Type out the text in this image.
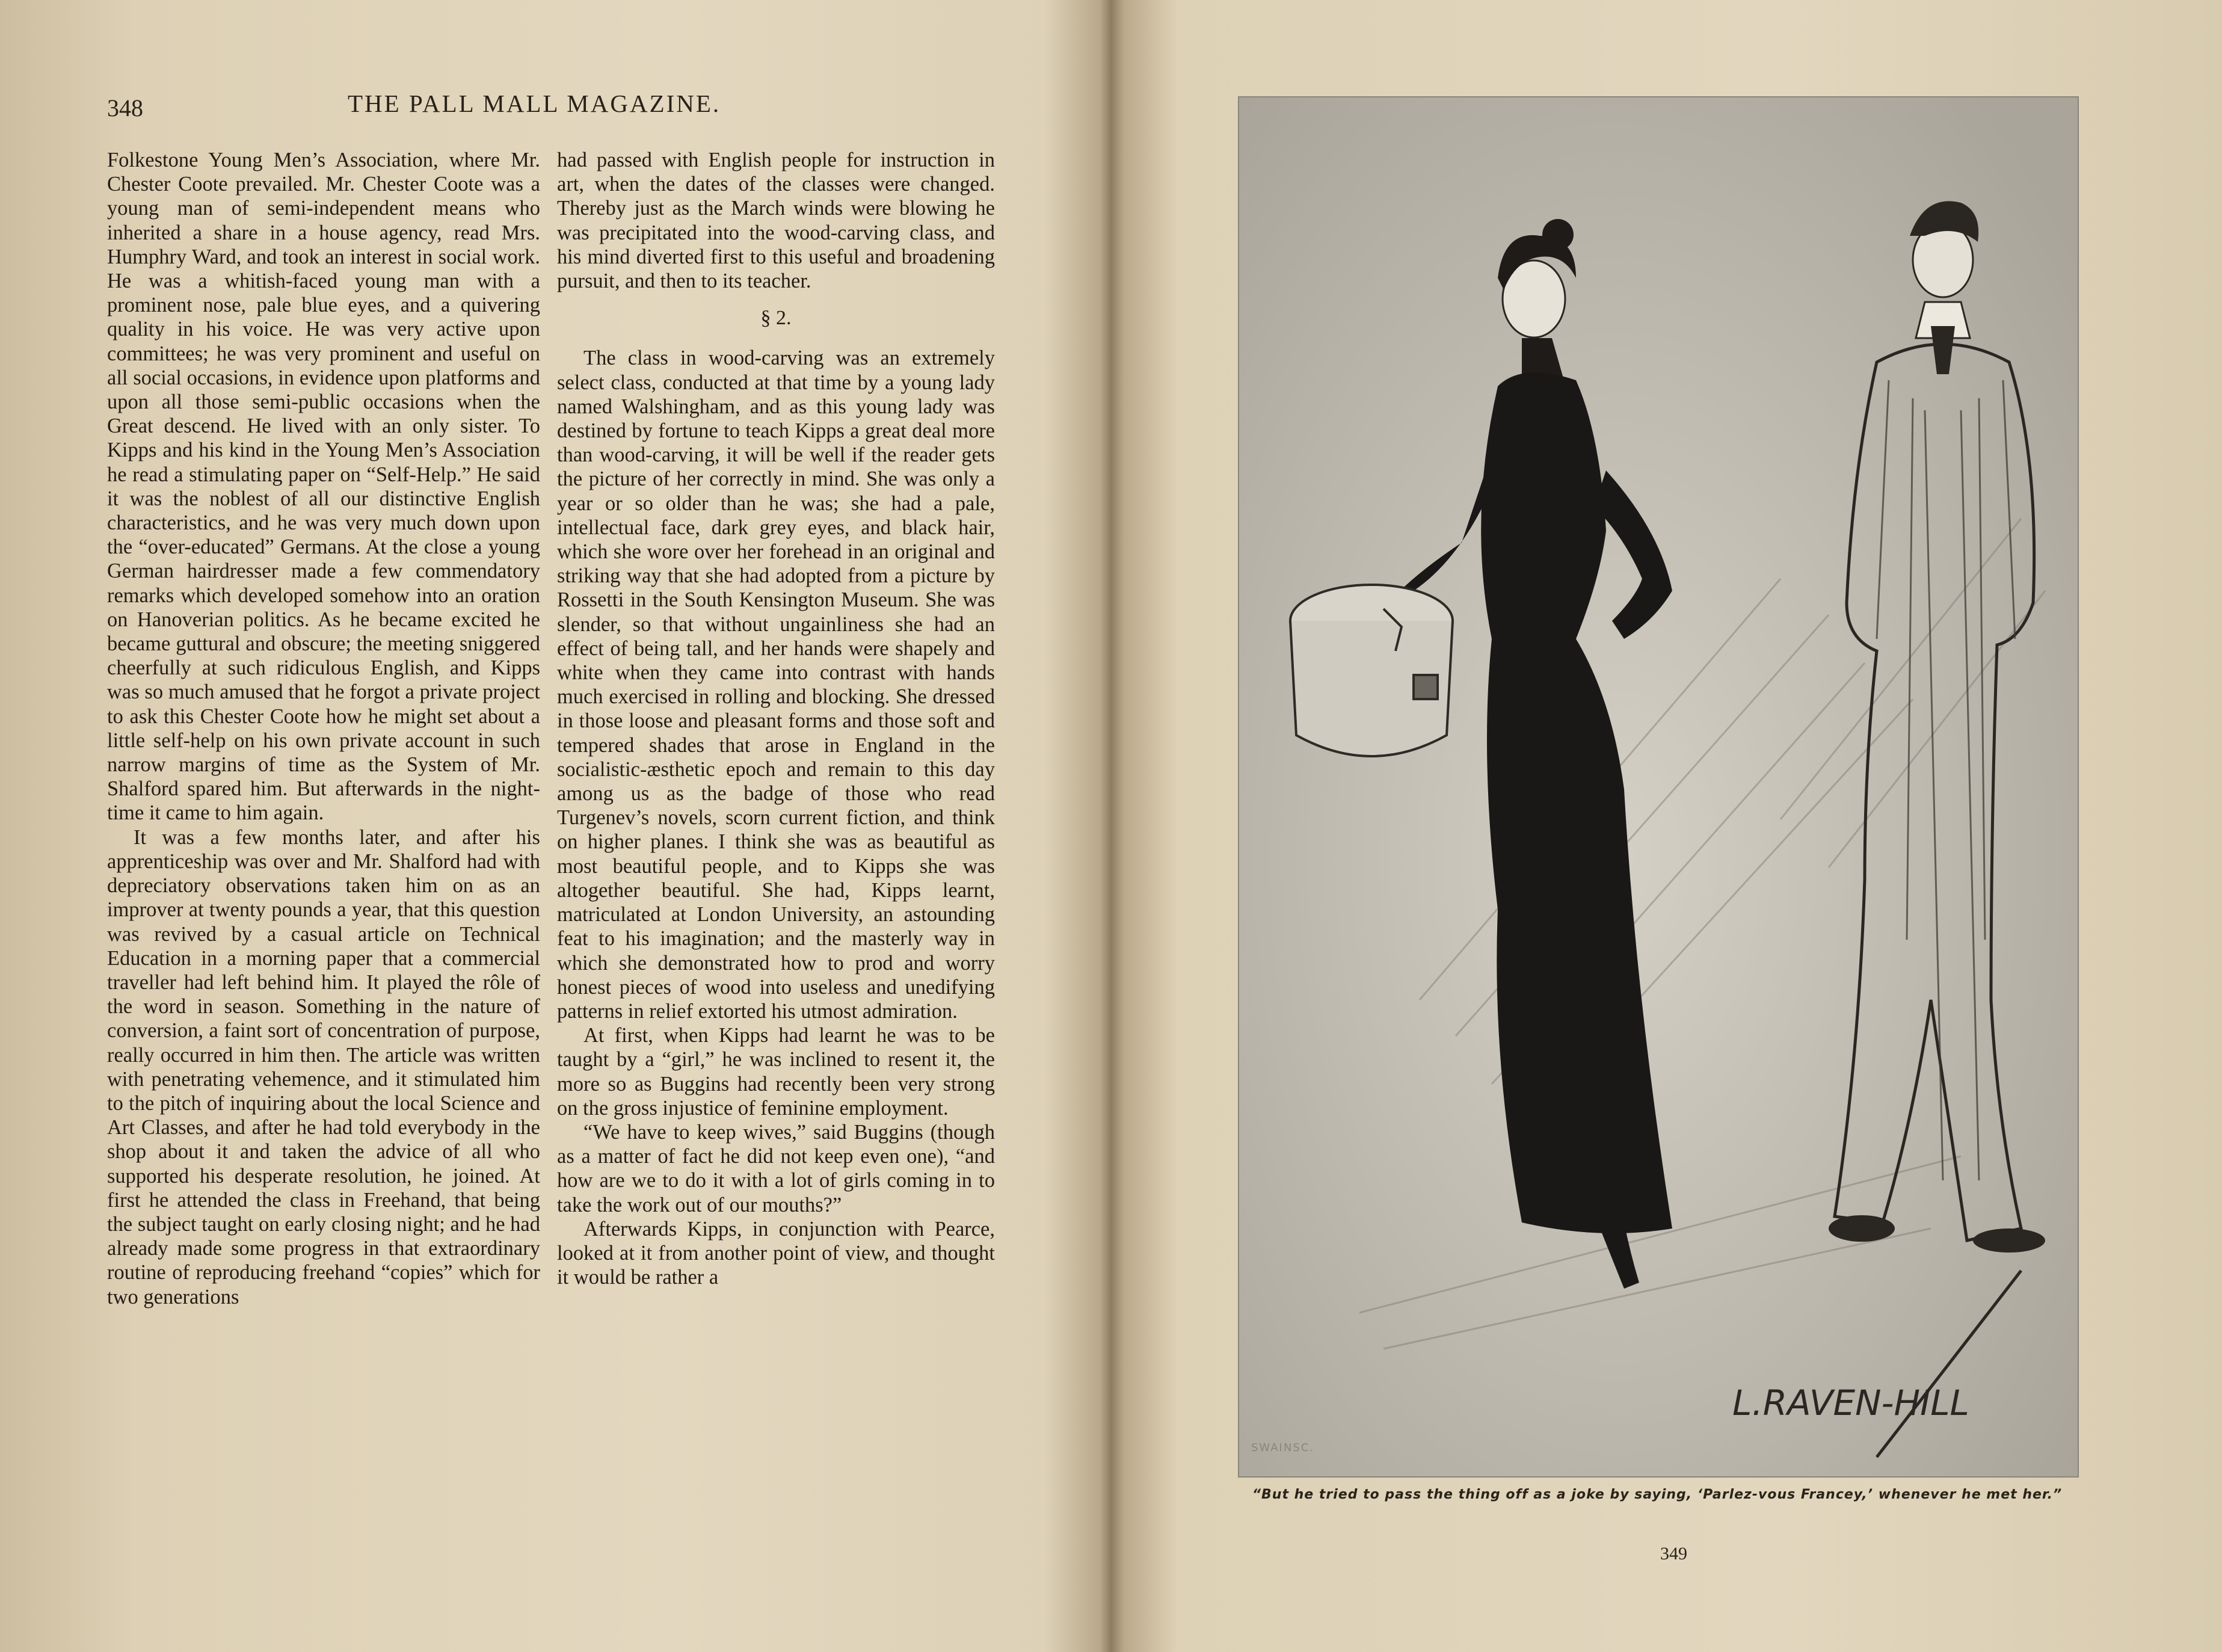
348	THE PALL MALL MAGAZINE.

Folkestone Young Men’s Association, where Mr. Chester Coote prevailed. Mr. Chester Coote was a young man of semi-independent means who inherited a share in a house agency, read Mrs. Humphry Ward, and took an interest in social work. He was a whitish-faced young man with a prominent nose, pale blue eyes, and a quivering quality in his voice. He was very active upon committees; he was very prominent and useful on all social occasions, in evidence upon platforms and upon all those semi-public occasions when the Great descend. He lived with an only sister. To Kipps and his kind in the Young Men’s Association he read a stimulating paper on “Self-Help.” He said it was the noblest of all our distinctive English characteristics, and he was very much down upon the “over-educated” Germans. At the close a young German hairdresser made a few commendatory remarks which developed somehow into an oration on Hanoverian politics. As he became excited he became guttural and obscure; the meeting sniggered cheerfully at such ridiculous English, and Kipps was so much amused that he forgot a private project to ask this Chester Coote how he might set about a little self-help on his own private account in such narrow margins of time as the System of Mr. Shalford spared him. But afterwards in the night-time it came to him again.

It was a few months later, and after his apprenticeship was over and Mr. Shalford had with depreciatory observations taken him on as an improver at twenty pounds a year, that this question was revived by a casual article on Technical Education in a morning paper that a commercial traveller had left behind him. It played the rôle of the word in season. Something in the nature of conversion, a faint sort of concentration of purpose, really occurred in him then. The article was written with penetrating vehemence, and it stimulated him to the pitch of inquiring about the local Science and Art Classes, and after he had told everybody in the shop about it and taken the advice of all who supported his desperate resolution, he joined. At first he attended the class in Freehand, that being the subject taught on early closing night; and he had already made some progress in that extraordinary routine of reproducing freehand “copies” which for two generations

had passed with English people for instruction in art, when the dates of the classes were changed. Thereby just as the March winds were blowing he was precipitated into the wood-carving class, and his mind diverted first to this useful and broadening pursuit, and then to its teacher.

§ 2.

The class in wood-carving was an extremely select class, conducted at that time by a young lady named Walshingham, and as this young lady was destined by fortune to teach Kipps a great deal more than wood-carving, it will be well if the reader gets the picture of her correctly in mind. She was only a year or so older than he was; she had a pale, intellectual face, dark grey eyes, and black hair, which she wore over her forehead in an original and striking way that she had adopted from a picture by Rossetti in the South Kensington Museum. She was slender, so that without ungainliness she had an effect of being tall, and her hands were shapely and white when they came into contrast with hands much exercised in rolling and blocking. She dressed in those loose and pleasant forms and those soft and tempered shades that arose in England in the socialistic-æsthetic epoch and remain to this day among us as the badge of those who read Turgenev’s novels, scorn current fiction, and think on higher planes. I think she was as beautiful as most beautiful people, and to Kipps she was altogether beautiful. She had, Kipps learnt, matriculated at London University, an astounding feat to his imagination; and the masterly way in which she demonstrated how to prod and worry honest pieces of wood into useless and unedifying patterns in relief extorted his utmost admiration.

At first, when Kipps had learnt he was to be taught by a “girl,” he was inclined to resent it, the more so as Buggins had recently been very strong on the gross injustice of feminine employment.

“We have to keep wives,” said Buggins (though as a matter of fact he did not keep even one), “and how are we to do it with a lot of girls coming in to take the work out of our mouths?”

Afterwards Kipps, in conjunction with Pearce, looked at it from another point of view, and thought it would be rather a

L.RAVEN-HILL
SWAINSC.
“But he tried to pass the thing off as a joke by saying, ‘Parlez-vous Francey,’ whenever he met her.”
349
